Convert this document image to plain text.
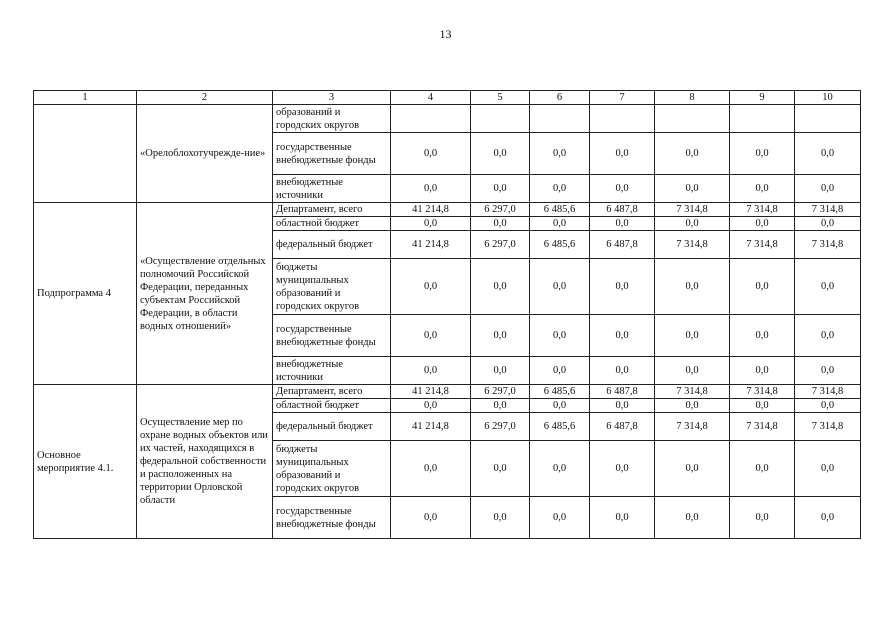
13
1	2	3	4	5	6	7	8	9	10
	«Орелоблохотучрежде-ние»	образований и городских округов							
		государственные внебюджетные фонды	0,0	0,0	0,0	0,0	0,0	0,0	0,0
		внебюджетные источники	0,0	0,0	0,0	0,0	0,0	0,0	0,0
Подпрограмма 4	«Осуществление отдельных полномочий Российской Федерации, переданных субъектам Российской Федерации, в области водных отношений»	Департамент, всего	41 214,8	6 297,0	6 485,6	6 487,8	7 314,8	7 314,8	7 314,8
		областной бюджет	0,0	0,0	0,0	0,0	0,0	0,0	0,0
		федеральный бюджет	41 214,8	6 297,0	6 485,6	6 487,8	7 314,8	7 314,8	7 314,8
		бюджеты муниципальных образований и городских округов	0,0	0,0	0,0	0,0	0,0	0,0	0,0
		государственные внебюджетные фонды	0,0	0,0	0,0	0,0	0,0	0,0	0,0
		внебюджетные источники	0,0	0,0	0,0	0,0	0,0	0,0	0,0
Основное мероприятие 4.1.	Осуществление мер по охране водных объектов или их частей, находящихся в федеральной собственности и расположенных на территории Орловской области	Департамент, всего	41 214,8	6 297,0	6 485,6	6 487,8	7 314,8	7 314,8	7 314,8
		областной бюджет	0,0	0,0	0,0	0,0	0,0	0,0	0,0
		федеральный бюджет	41 214,8	6 297,0	6 485,6	6 487,8	7 314,8	7 314,8	7 314,8
		бюджеты муниципальных образований и городских округов	0,0	0,0	0,0	0,0	0,0	0,0	0,0
		государственные внебюджетные фонды	0,0	0,0	0,0	0,0	0,0	0,0	0,0
